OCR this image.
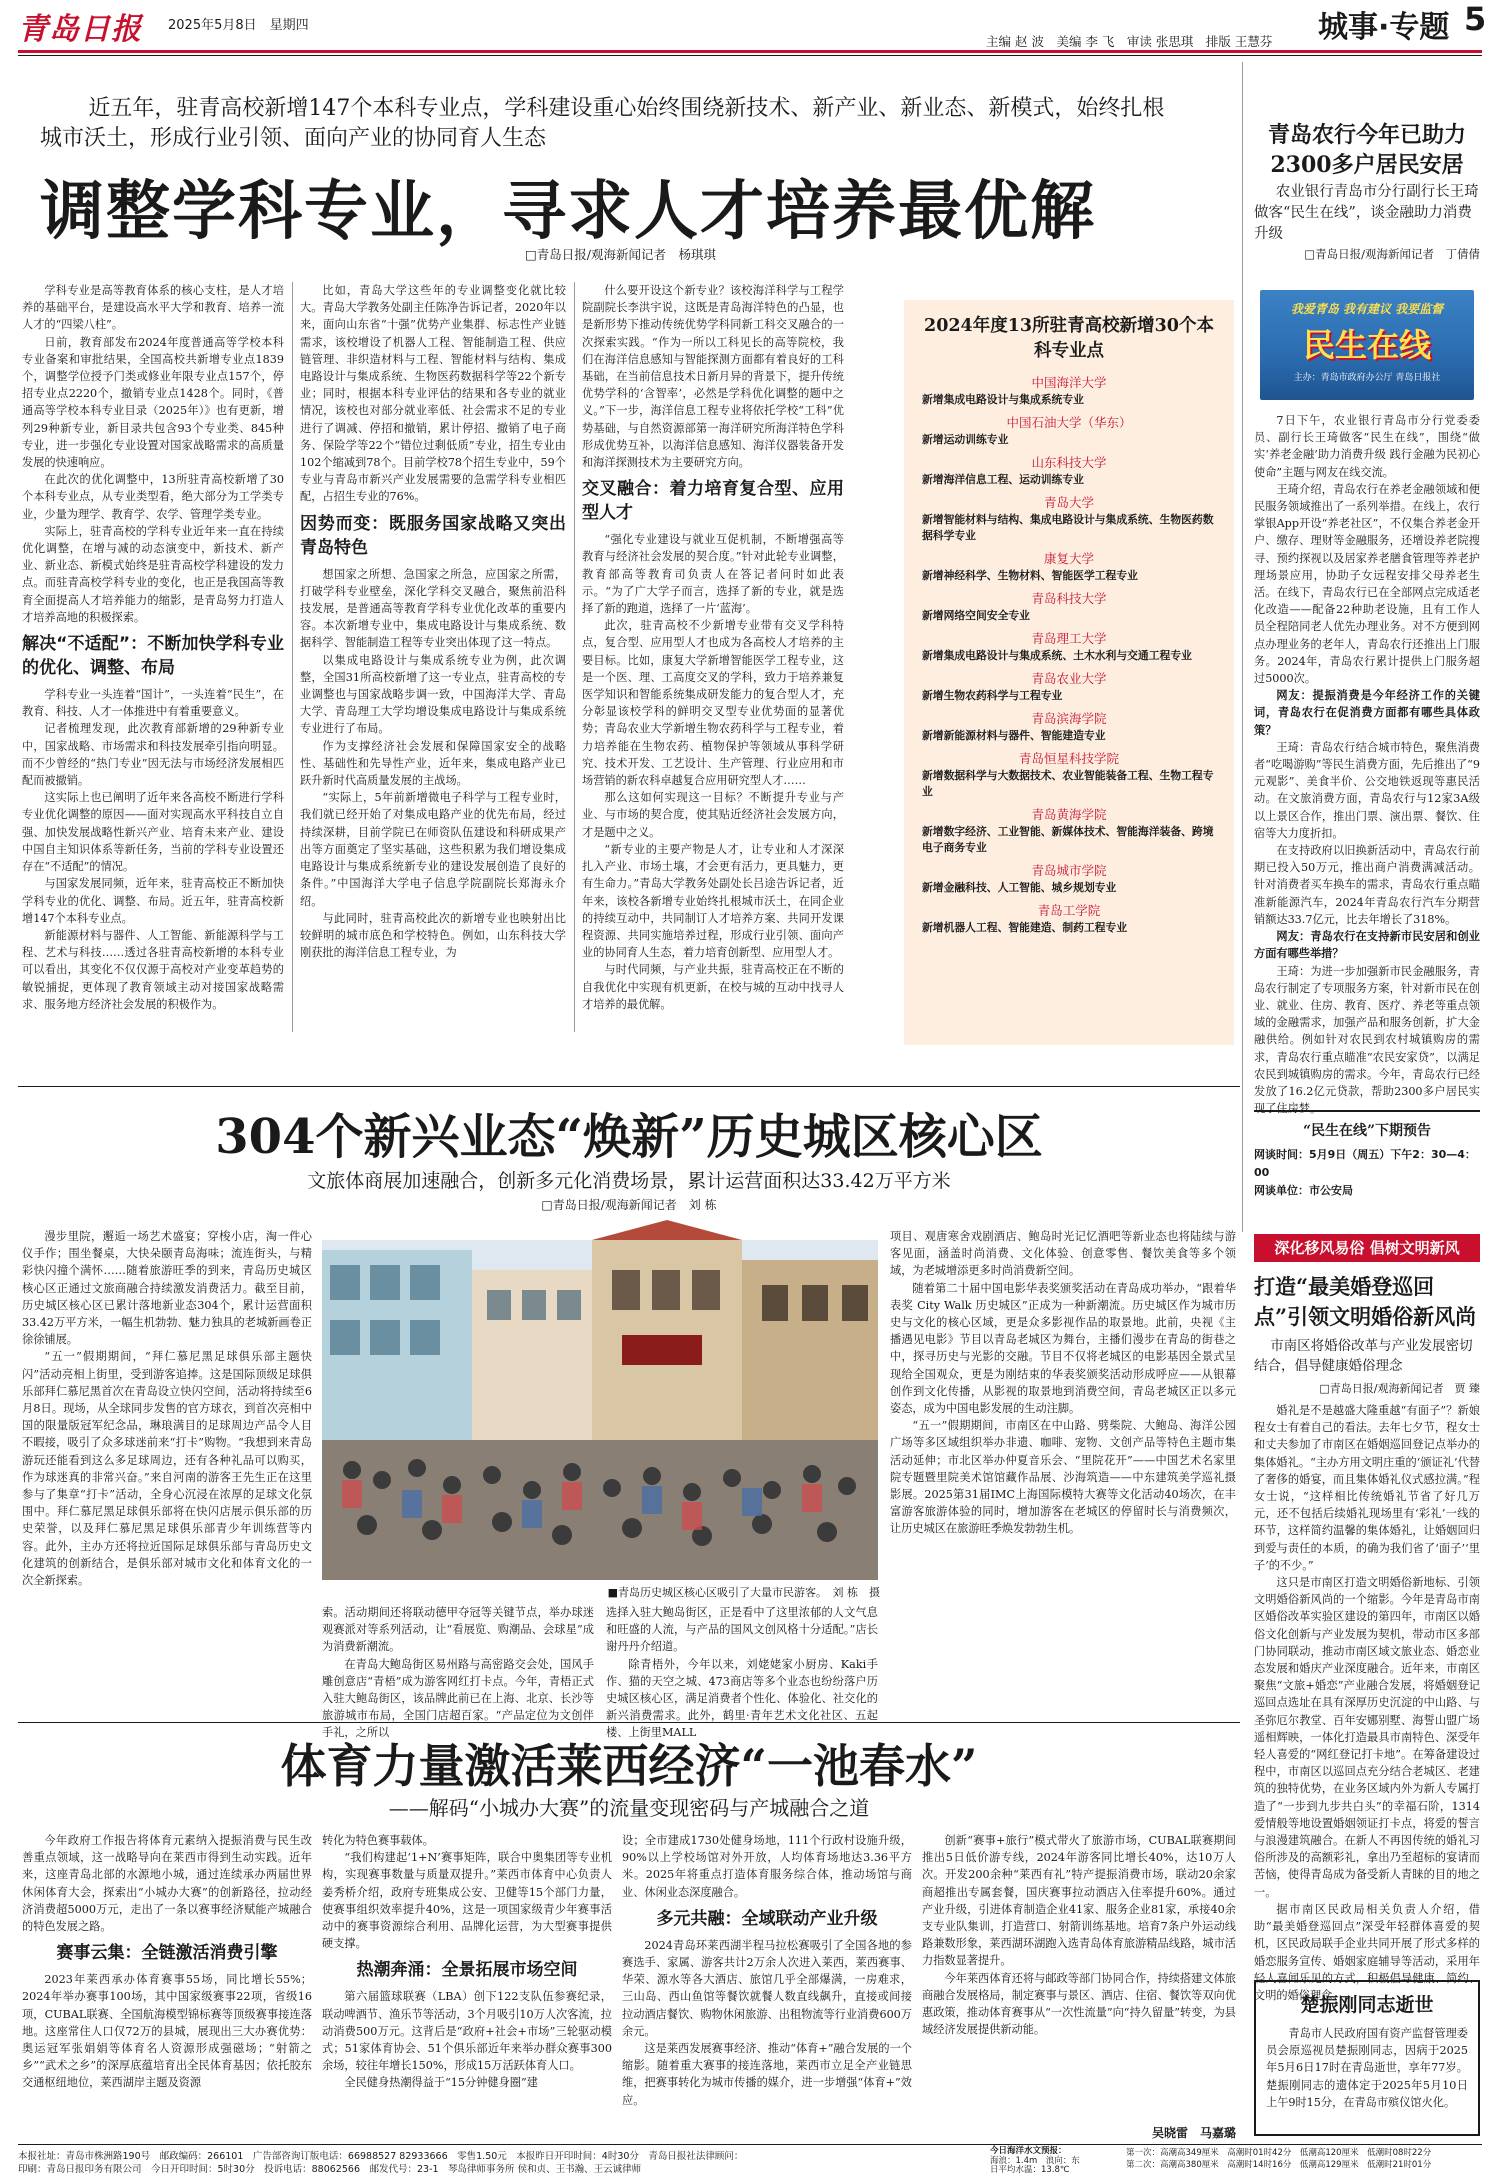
青岛日报 2025年5月8日　星期四
主编 赵 波　美编 李 飞　审读 张思琪　排版 王慧芬 城事·专题 5
近五年，驻青高校新增147个本科专业点，学科建设重心始终围绕新技术、新产业、新业态、新模式，始终扎根城市沃土，形成行业引领、面向产业的协同育人生态
调整学科专业，寻求人才培养最优解
□青岛日报/观海新闻记者　杨琪琪

学科专业是高等教育体系的核心支柱，是人才培养的基础平台，是建设高水平大学和教育、培养一流人才的“四梁八柱”。

日前，教育部发布2024年度普通高等学校本科专业备案和审批结果，全国高校共新增专业点1839个，调整学位授予门类或修业年限专业点157个，停招专业点2220个，撤销专业点1428个。同时，《普通高等学校本科专业目录（2025年）》也有更新，增列29种新专业，新目录共包含93个专业类、845种专业，进一步强化专业设置对国家战略需求的高质量发展的快速响应。

在此次的优化调整中，13所驻青高校新增了30个本科专业点，从专业类型看，绝大部分为工学类专业，少量为理学、教育学、农学、管理学类专业。

实际上，驻青高校的学科专业近年来一直在持续优化调整，在增与减的动态演变中，新技术、新产业、新业态、新模式始终是驻青高校学科建设的发力点。而驻青高校学科专业的变化，也正是我国高等教育全面提高人才培养能力的缩影，是青岛努力打造人才培养高地的积极探索。

解决“不适配”：不断加快学科专业的优化、调整、布局

学科专业一头连着“国计”，一头连着“民生”，在教育、科技、人才一体推进中有着重要意义。

记者梳理发现，此次教育部新增的29种新专业中，国家战略、市场需求和科技发展牵引指向明显。而不少曾经的“热门专业”因无法与市场经济发展相匹配而被撤销。

这实际上也已阐明了近年来各高校不断进行学科专业优化调整的原因——面对实现高水平科技自立自强、加快发展战略性新兴产业、培育未来产业、建设中国自主知识体系等新任务，当前的学科专业设置还存在“不适配”的情况。

与国家发展同频，近年来，驻青高校正不断加快学科专业的优化、调整、布局。近五年，驻青高校新增147个本科专业点。

新能源材料与器件、人工智能、新能源科学与工程、艺术与科技……透过各驻青高校新增的本科专业可以看出，其变化不仅仅源于高校对产业变革趋势的敏锐捕捉，更体现了教育领域主动对接国家战略需求、服务地方经济社会发展的积极作为。

比如，青岛大学这些年的专业调整变化就比较大。青岛大学教务处副主任陈净告诉记者，2020年以来，面向山东省“十强”优势产业集群、标志性产业链需求，该校增设了机器人工程、智能制造工程、供应链管理、非织造材料与工程、智能材料与结构、集成电路设计与集成系统、生物医药数据科学等22个新专业；同时，根据本科专业评估的结果和各专业的就业情况，该校也对部分就业率低、社会需求不足的专业进行了调减、停招和撤销，累计停招、撤销了电子商务、保险学等22个“错位过剩低质”专业，招生专业由102个缩减到78个。目前学校78个招生专业中，59个专业与青岛市新兴产业发展需要的急需学科专业相匹配，占招生专业的76%。

因势而变：既服务国家战略又突出青岛特色

想国家之所想、急国家之所急，应国家之所需，打破学科专业壁垒，深化学科交叉融合，聚焦前沿科技发展，是普通高等教育学科专业优化改革的重要内容。本次新增专业中，集成电路设计与集成系统、数据科学、智能制造工程等专业突出体现了这一特点。

以集成电路设计与集成系统专业为例，此次调整，全国31所高校新增了这一专业点，驻青高校的专业调整也与国家战略步调一致，中国海洋大学、青岛大学、青岛理工大学均增设集成电路设计与集成系统专业进行了布局。

作为支撑经济社会发展和保障国家安全的战略性、基础性和先导性产业，近年来，集成电路产业已跃升新时代高质量发展的主战场。

“实际上，5年前新增微电子科学与工程专业时，我们就已经开始了对集成电路产业的优先布局，经过持续深耕，目前学院已在师资队伍建设和科研成果产出等方面奠定了坚实基础，这些积累为我们增设集成电路设计与集成系统新专业的建设发展创造了良好的条件。”中国海洋大学电子信息学院副院长郑海永介绍。

与此同时，驻青高校此次的新增专业也映射出比较鲜明的城市底色和学校特色。例如，山东科技大学刚获批的海洋信息工程专业，为

什么要开设这个新专业？该校海洋科学与工程学院副院长李洪宇说，这既是青岛海洋特色的凸显，也是新形势下推动传统优势学科同新工科交叉融合的一次探索实践。“作为一所以工科见长的高等院校，我们在海洋信息感知与智能探测方面都有着良好的工科基础，在当前信息技术日新月异的背景下，提升传统优势学科的‘含智率’，必然是学科优化调整的题中之义。”下一步，海洋信息工程专业将依托学校“工科”优势基础，与自然资源部第一海洋研究所海洋特色学科形成优势互补，以海洋信息感知、海洋仪器装备开发和海洋探测技术为主要研究方向。

交叉融合：着力培育复合型、应用型人才

“强化专业建设与就业互促机制，不断增强高等教育与经济社会发展的契合度。”针对此轮专业调整，教育部高等教育司负责人在答记者问时如此表示。“为了广大学子而言，选择了新的专业，就是选择了新的跑道，选择了一片‘蓝海’。

此次，驻青高校不少新增专业带有交叉学科特点，复合型、应用型人才也成为各高校人才培养的主要目标。比如，康复大学新增智能医学工程专业，这是一个医、理、工高度交叉的学科，致力于培养兼复医学知识和智能系统集成研发能力的复合型人才，充分彰显该校学科的鲜明交叉型专业优势面的显著优势；青岛农业大学新增生物农药科学与工程专业，着力培养能在生物农药、植物保护等领域从事科学研究、技术开发、工艺设计、生产管理、行业应用和市场营销的新农科卓越复合应用研究型人才……

那么这如何实现这一目标？不断提升专业与产业、与市场的契合度，使其贴近经济社会发展方向，才是题中之义。

“新专业的主要产物是人才，让专业和人才深深扎入产业、市场土壤，才会更有活力，更具魅力，更有生命力。”青岛大学教务处副处长吕途告诉记者，近年来，该校各新增专业始终扎根城市沃土，在同企业的持续互动中，共同制订人才培养方案、共同开发课程资源、共同实施培养过程，形成行业引领、面向产业的协同育人生态，着力培育创新型、应用型人才。

与时代同频，与产业共振，驻青高校正在不断的自我优化中实现有机更新，在校与城的互动中找寻人才培养的最优解。

2024年度13所驻青高校新增30个本科专业点
中国海洋大学
新增集成电路设计与集成系统专业
中国石油大学（华东）
新增运动训练专业
山东科技大学
新增海洋信息工程、运动训练专业
青岛大学
新增智能材料与结构、集成电路设计与集成系统、生物医药数据科学专业
康复大学
新增神经科学、生物材料、智能医学工程专业
青岛科技大学
新增网络空间安全专业
青岛理工大学
新增集成电路设计与集成系统、土木水利与交通工程专业
青岛农业大学
新增生物农药科学与工程专业
青岛滨海学院
新增新能源材料与器件、智能建造专业
青岛恒星科技学院
新增数据科学与大数据技术、农业智能装备工程、生物工程专业
青岛黄海学院
新增数字经济、工业智能、新媒体技术、智能海洋装备、跨境电子商务专业
青岛城市学院
新增金融科技、人工智能、城乡规划专业
青岛工学院
新增机器人工程、智能建造、制药工程专业
青岛农行今年已助力2300多户居民安居
农业银行青岛市分行副行长王琦做客“民生在线”，谈金融助力消费升级
□青岛日报/观海新闻记者　丁倩倩
我爱青岛 我有建议 我要监督
民生在线
主办：青岛市政府办公厅 青岛日报社

7日下午，农业银行青岛市分行党委委员、副行长王琦做客“民生在线”，围绕“做实‘养老金融’助力消费升级 践行金融为民初心使命”主题与网友在线交流。

王琦介绍，青岛农行在养老金融领域和便民服务领域推出了一系列举措。在线上，农行掌银App开设“养老社区”，不仅集合养老金开户、缴存、理财等金融服务，还增设养老院搜寻、预约探视以及居家养老膳食管理等养老护理场景应用，协助子女远程安排父母养老生活。在线下，青岛农行已在全部网点完成适老化改造——配备22种助老设施，且有工作人员全程陪同老人优先办理业务。对不方便到网点办理业务的老年人，青岛农行还推出上门服务。2024年，青岛农行累计提供上门服务超过5000次。

网友：提振消费是今年经济工作的关键词，青岛农行在促消费方面都有哪些具体政策？

王琦：青岛农行结合城市特色，聚焦消费者“吃喝游购”等民生消费方面，先后推出了“9元观影”、美食半价、公交地铁返现等惠民活动。在文旅消费方面，青岛农行与12家3A级以上景区合作，推出门票、演出票、餐饮、住宿等大力度折扣。

在支持政府以旧换新活动中，青岛农行前期已投入50万元，推出商户消费满减活动。针对消费者买车换车的需求，青岛农行重点瞄准新能源汽车，2024年青岛农行汽车分期营销额达33.7亿元，比去年增长了318%。

网友：青岛农行在支持新市民安居和创业方面有哪些举措？

王琦：为进一步加强新市民金融服务，青岛农行制定了专项服务方案，针对新市民在创业、就业、住房、教育、医疗、养老等重点领域的金融需求，加强产品和服务创新，扩大金融供给。例如针对农民到农村城镇购房的需求，青岛农行重点瞄准“农民安家贷”，以满足农民到城镇购房的需求。今年，青岛农行已经发放了16.2亿元贷款，帮助2300多户居民实现了住房梦。

“民生在线”下期预告
网谈时间：5月9日（周五）下午2：30—4：00
网谈单位：市公安局
304个新兴业态“焕新”历史城区核心区
文旅体商展加速融合，创新多元化消费场景，累计运营面积达33.42万平方米
□青岛日报/观海新闻记者　刘 栋

漫步里院，邂逅一场艺术盛宴；穿梭小店，淘一件心仪手作；围坐餐桌，大快朵颐青岛海味；流连街头，与精彩快闪撞个满怀……随着旅游旺季的到来，青岛历史城区核心区正通过文旅商融合持续激发消费活力。截至目前，历史城区核心区已累计落地新业态304个，累计运营面积33.42万平方米，一幅生机勃勃、魅力独具的老城新画卷正徐徐铺展。

“五一”假期期间，“拜仁慕尼黑足球俱乐部主题快闪”活动亮相上街里，受到游客追捧。这是国际顶级足球俱乐部拜仁慕尼黑首次在青岛设立快闪空间，活动将持续至6月8日。现场，从全球同步发售的官方球衣，到首次亮相中国的限量版冠军纪念品，琳琅满目的足球周边产品令人目不暇接，吸引了众多球迷前来“打卡”购物。“我想到来青岛游玩还能看到这么多足球周边，还有各种礼品可以购买，作为球迷真的非常兴奋。”来自河南的游客王先生正在这里参与了集章“打卡”活动，全身心沉浸在浓厚的足球文化氛围中。拜仁慕尼黑足球俱乐部将在快闪店展示俱乐部的历史荣誉，以及拜仁慕尼黑足球俱乐部青少年训练营等内容。此外，主办方还将拉近国际足球俱乐部与青岛历史文化建筑的创新结合，是俱乐部对城市文化和体育文化的一次全新探索。

■青岛历史城区核心区吸引了大量市民游客。　刘 栋　摄

索。活动期间还将联动德甲夺冠等关键节点，举办球迷观赛派对等系列活动，让“看展览、购潮品、会球星”成为消费新潮流。

在青岛大鲍岛街区易州路与高密路交会处，国风手雕创意店“青梧”成为游客网红打卡点。今年，青梧正式入驻大鲍岛街区，该品牌此前已在上海、北京、长沙等旅游城市布局，全国门店超百家。“产品定位为文创伴手礼，之所以

选择入驻大鲍岛街区，正是看中了这里浓郁的人文气息和旺盛的人流，与产品的国风文创风格十分适配。”店长谢丹丹介绍道。

除青梧外，今年以来，刘姥姥家小厨房、Kaki手作、猫的天空之城、473商店等多个业态也纷纷落户历史城区核心区，满足消费者个性化、体验化、社交化的新兴消费需求。此外，鹤里·青年艺术文化社区、五起楼、上街里MALL

项目、观唐寒舍戏剧酒店、鲍岛时光记忆酒吧等新业态也将陆续与游客见面，涵盖时尚消费、文化体验、创意零售、餐饮美食等多个领域，为老城增添更多时尚消费新空间。

随着第二十届中国电影华表奖颁奖活动在青岛成功举办，“跟着华表奖 City Walk 历史城区”正成为一种新潮流。历史城区作为城市历史与文化的核心区域，更是众多影视作品的取景地。此前，央视《主播遇见电影》节目以青岛老城区为舞台，主播们漫步在青岛的街巷之中，探寻历史与光影的交融。节目不仅将老城区的电影基因全景式呈现给全国观众，更是为刚结束的华表奖颁奖活动形成呼应——从银幕创作到文化传播，从影视的取景地到消费空间，青岛老城区正以多元姿态，成为中国电影发展的生动注脚。

“五一”假期期间，市南区在中山路、劈柴院、大鲍岛、海洋公园广场等多区域组织举办非遗、咖啡、宠物、文创产品等特色主题市集活动延伸；市北区举办仲夏音乐会、“里院花开”——中国艺术名家里院专题暨里院美术馆馆藏作品展、沙海筑造——中东建筑美学巡礼摄影展。2025第31届IMC上海国际模特大赛等文化活动40场次，在丰富游客旅游体验的同时，增加游客在老城区的停留时长与消费频次，让历史城区在旅游旺季焕发勃勃生机。

体育力量激活莱西经济“一池春水”
——解码“小城办大赛”的流量变现密码与产城融合之道

今年政府工作报告将体育元素纳入提振消费与民生改善重点领域，这一战略导向在莱西市得到生动实践。近年来，这座青岛北部的水源地小城，通过连续承办两届世界休闲体育大会，探索出“小城办大赛”的创新路径，拉动经济消费超5000万元，走出了一条以赛事经济赋能产城融合的特色发展之路。

赛事云集：全链激活消费引擎

2023年莱西承办体育赛事55场，同比增长55%；2024年举办赛事100场，其中国家级赛事22项，省级16项，CUBAL联赛、全国航海模型锦标赛等顶级赛事接连落地。这座常住人口仅72万的县城，展现出三大办赛优势：奥运冠军张娟娟等体育名人资源形成强磁场；“射箭之乡”“武术之乡”的深厚底蕴培育出全民体育基因；依托胶东交通枢纽地位，莱西湖岸主题及资源

转化为特色赛事载体。

“我们构建起‘1+N’赛事矩阵，联合中奥集团等专业机构，实现赛事数量与质量双提升。”莱西市体育中心负责人姜秀桥介绍，政府专班集成公安、卫健等15个部门力量，使赛事组织效率提升40%，这是一项国家级青少年赛事活动中的赛事资源综合利用、品牌化运营，为大型赛事提供硬支撑。

热潮奔涌：全景拓展市场空间

第六届篮球联赛（LBA）创下122支队伍参赛纪录，联动啤酒节、渔乐节等活动，3个月吸引10万人次客流，拉动消费500万元。这背后是“政府+社会+市场”三轮驱动模式；51家体育协会、51个俱乐部近年来举办群众赛事300余场，较往年增长150%，形成15万活跃体育人口。

全民健身热潮得益于“15分钟健身圈”建

设；全市建成1730处健身场地，111个行政村设施升级，90%以上学校场馆对外开放，人均体育场地达3.36平方米。2025年将重点打造体育服务综合体，推动场馆与商业、休闲业态深度融合。

多元共融：全域联动产业升级

2024青岛环莱西湖半程马拉松赛吸引了全国各地的参赛选手、家属、游客共计2万余人次进入莱西，莱西赛事、华荣、源水等各大酒店、旅馆几乎全部爆满，一房难求，三山岛、西山鱼馆等餐饮就餐人数直线飙升，直接或间接拉动酒店餐饮、购物休闲旅游、出租物流等行业消费600万余元。

这是莱西发展赛事经济、推动“体育+”融合发展的一个缩影。随着重大赛事的接连落地，莱西市立足全产业链思维，把赛事转化为城市传播的媒介，进一步增强“体育+”效应。

创新“赛事+旅行”模式带火了旅游市场，CUBAL联赛期间推出5日低价游专线，2024年游客同比增长40%，达10万人次。开发200余种“莱西有礼”特产提振消费市场，联动20余家商超推出专属套餐，国庆赛事拉动酒店入住率提升60%。通过产业升级，引进体育制造企业41家、服务企业81家，承接40余支专业队集训，打造营口、射箭训练基地。培育7条户外运动线路兼数形象，莱西湖环湖跑入选青岛体育旅游精品线路，城市活力指数显著提升。

今年莱西体育还将与邮政等部门协同合作，持续搭建文体旅商融合发展格局，制定赛事与景区、酒店、住宿、餐饮等双向优惠政策，推动体育赛事从“一次性流量”向“持久留量”转变，为县域经济发展提供新动能。

吴晓雷　马嘉璐
深化移风易俗 倡树文明新风
打造“最美婚登巡回点”引领文明婚俗新风尚
市南区将婚俗改革与产业发展密切结合，倡导健康婚俗理念
□青岛日报/观海新闻记者　贾 臻

婚礼是不是越盛大隆重越“有面子”？新娘程女士有着自己的看法。去年七夕节，程女士和丈夫参加了市南区在婚姻巡回登记点举办的集体婚礼。“主办方用文明庄重的‘颁证礼’代替了奢侈的婚宴，而且集体婚礼仪式感拉满。”程女士说，“这样相比传统婚礼节省了好几万元，还不包括后续婚礼现场里有‘彩礼’一线的环节，这样简约温馨的集体婚礼，让婚姻回归到爱与责任的本质，的确为我们省了‘面子’‘里子’的不少。”

这只是市南区打造文明婚俗新地标、引领文明婚俗新风尚的一个缩影。今年是青岛市南区婚俗改革实验区建设的第四年，市南区以婚俗文化创新与产业发展为契机，带动市区多部门协同联动，推动市南区域文旅业态、婚恋业态发展和婚庆产业深度融合。近年来，市南区聚焦“文旅+婚恋”产业融合发展，将婚姻登记巡回点选址在具有深厚历史沉淀的中山路、与圣弥厄尔教堂、百年安娜别墅、海誓山盟广场遥相辉映，一体化打造最具市南特色、深受年轻人喜爱的“网红登记打卡地”。在筹备建设过程中，市南区以巡回点充分结合老城区、老建筑的独特优势，在业务区域内外为新人专属打造了“一步到九步共白头”的幸福石阶，1314爱情般等地设置婚姻领证打卡点，将爱的誓言与浪漫建筑融合。在新人不再因传统的婚礼习俗所涉及的高额彩礼，拿出乃至超标的宴请而苦恼，使得青岛成为备受新人青睐的目的地之一。

据市南区民政局相关负责人介绍，借助“最美婚登巡回点”深受年轻群体喜爱的契机，区民政局联手企业共同开展了形式多样的婚恋服务宣传、婚姻家庭辅导等活动，采用年轻人喜闻乐见的方式，积极倡导健康、简约、文明的婚俗理念。

楚振刚同志逝世
青岛市人民政府国有资产监督管理委员会原巡视员楚振刚同志，因病于2025年5月6日17时在青岛逝世，享年77岁。楚振刚同志的遗体定于2025年5月10日上午9时15分，在青岛市殡仪馆火化。
本报社址：青岛市株洲路190号　邮政编码：266101　广告部咨询订版电话：66988527 82933666　零售1.50元　本报昨日开印时间：4时30分　青岛日报社法律顾问：
印刷：青岛日报印务有限公司　今日开印时间：5时30分　投诉电话：88062566　邮发代号：23-1　琴岛律师事务所 侯和贞、王书瀚、王云诚律师
今日海洋水文预报：
海浪：1.4m　浪向：东
日平均水温：13.8℃
第一次：高潮高349厘米　高潮时01时42分　低潮高120厘米　低潮时08时22分
第二次：高潮高380厘米　高潮时14时16分　低潮高129厘米　低潮时21时01分
